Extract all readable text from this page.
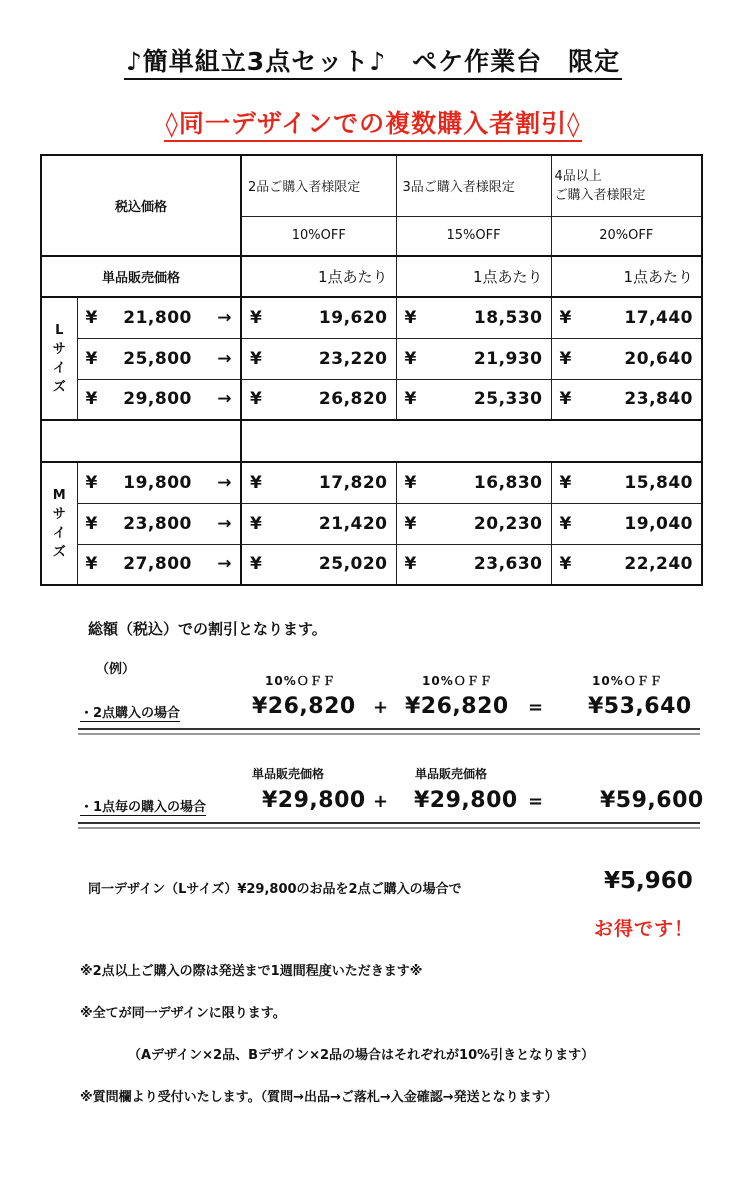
♪簡単組立3点セット♪　ペケ作業台　限定
◊同一デザインでの複数購入者割引◊
税込価格		2品ご購入者様限定	3品ご購入者様限定	4品以上
ご購入者様限定
		10%OFF	15%OFF	20%OFF
単品販売価格		1点あたり	1点あたり	1点あたり
L
サ
イ
ズ	¥ 21,800 →	¥ 19,620	¥ 18,530	¥ 17,440

	¥ 25,800 →	¥ 23,220	¥ 21,930	¥ 20,640

	¥ 29,800 →	¥ 26,820	¥ 25,330	¥ 23,840

M
サ
イ
ズ	¥ 19,800 →	¥ 17,820	¥ 16,830	¥ 15,840

	¥ 23,800 →	¥ 21,420	¥ 20,230	¥ 19,040

	¥ 27,800 →	¥ 25,020	¥ 23,630	¥ 22,240
総額（税込）での割引となります。
（例）
10%ＯＦＦ	10%ＯＦＦ	10%ＯＦＦ
・2点購入の場合	¥26,820 + ¥26,820 = ¥53,640
単品販売価格	単品販売価格
・1点毎の購入の場合	¥29,800 + ¥29,800 =	¥59,600
同一デザイン（Lサイズ）¥29,800のお品を2点ご購入の場合で	¥5,960
お得です！
※2点以上ご購入の際は発送まで1週間程度いただきます※
※全てが同一デザインに限ります。
（Aデザイン×2品、Bデザイン×2品の場合はそれぞれが10%引きとなります）
※質問欄より受付いたします。（質問→出品→ご落札→入金確認→発送となります）
